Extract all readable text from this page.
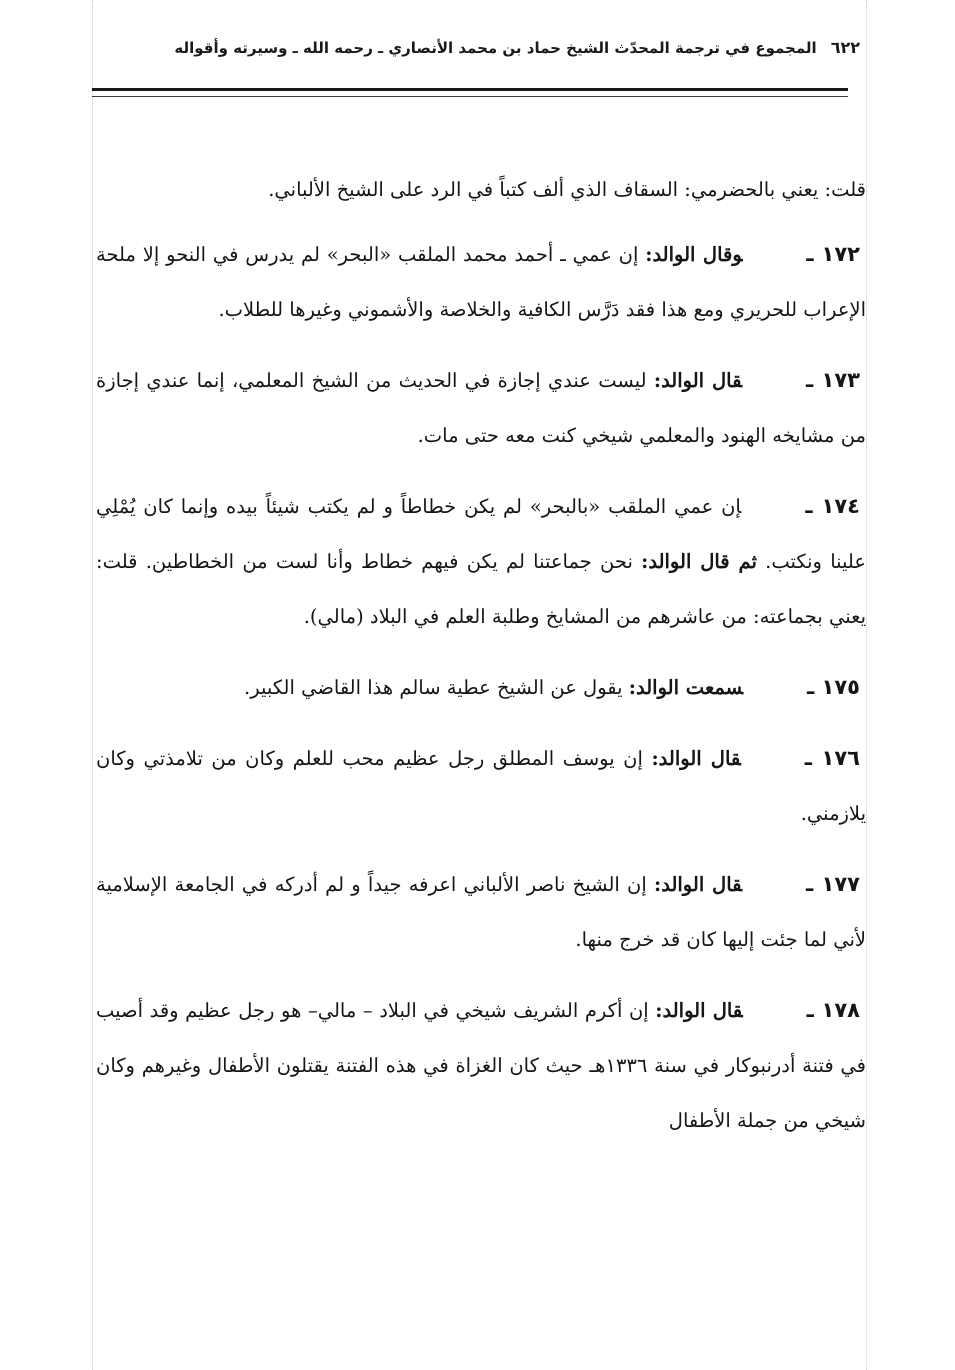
٦٢٢المجموع في ترجمة المحدّث الشيخ حماد بن محمد الأنصاري ـ رحمه الله ـ وسيرته وأقواله

قلت: يعني بالحضرمي: السقاف الذي ألف كتباً في الرد على الشيخ الألباني.

١٧٢ ـوقال الوالد: إن عمي ـ أحمد محمد الملقب «البحر» لم يدرس في النحو إلا ملحة الإعراب للحريري ومع هذا فقد دَرَّس الكافية والخلاصة والأشموني وغيرها للطلاب.

١٧٣ ـقال الوالد: ليست عندي إجازة في الحديث من الشيخ المعلمي، إنما عندي إجازة من مشايخه الهنود والمعلمي شيخي كنت معه حتى مات.

١٧٤ ـإن عمي الملقب «بالبحر» لم يكن خطاطاً و لم يكتب شيئاً بيده وإنما كان يُمْلِي علينا ونكتب. ثم قال الوالد: نحن جماعتنا لم يكن فيهم خطاط وأنا لست من الخطاطين. قلت: يعني بجماعته: من عاشرهم من المشايخ وطلبة العلم في البلاد (مالي).

١٧٥ ـسمعت الوالد: يقول عن الشيخ عطية سالم هذا القاضي الكبير.

١٧٦ ـقال الوالد: إن يوسف المطلق رجل عظيم محب للعلم وكان من تلامذتي وكان يلازمني.

١٧٧ ـقال الوالد: إن الشيخ ناصر الألباني اعرفه جيداً و لم أدركه في الجامعة الإسلامية لأني لما جئت إليها كان قد خرج منها.

١٧٨ ـقال الوالد: إن أكرم الشريف شيخي في البلاد – مالي– هو رجل عظيم وقد أصيب في فتنة أدرنبوكار في سنة ١٣٣٦هـ حيث كان الغزاة في هذه الفتنة يقتلون الأطفال وغيرهم وكان شيخي من جملة الأطفال
